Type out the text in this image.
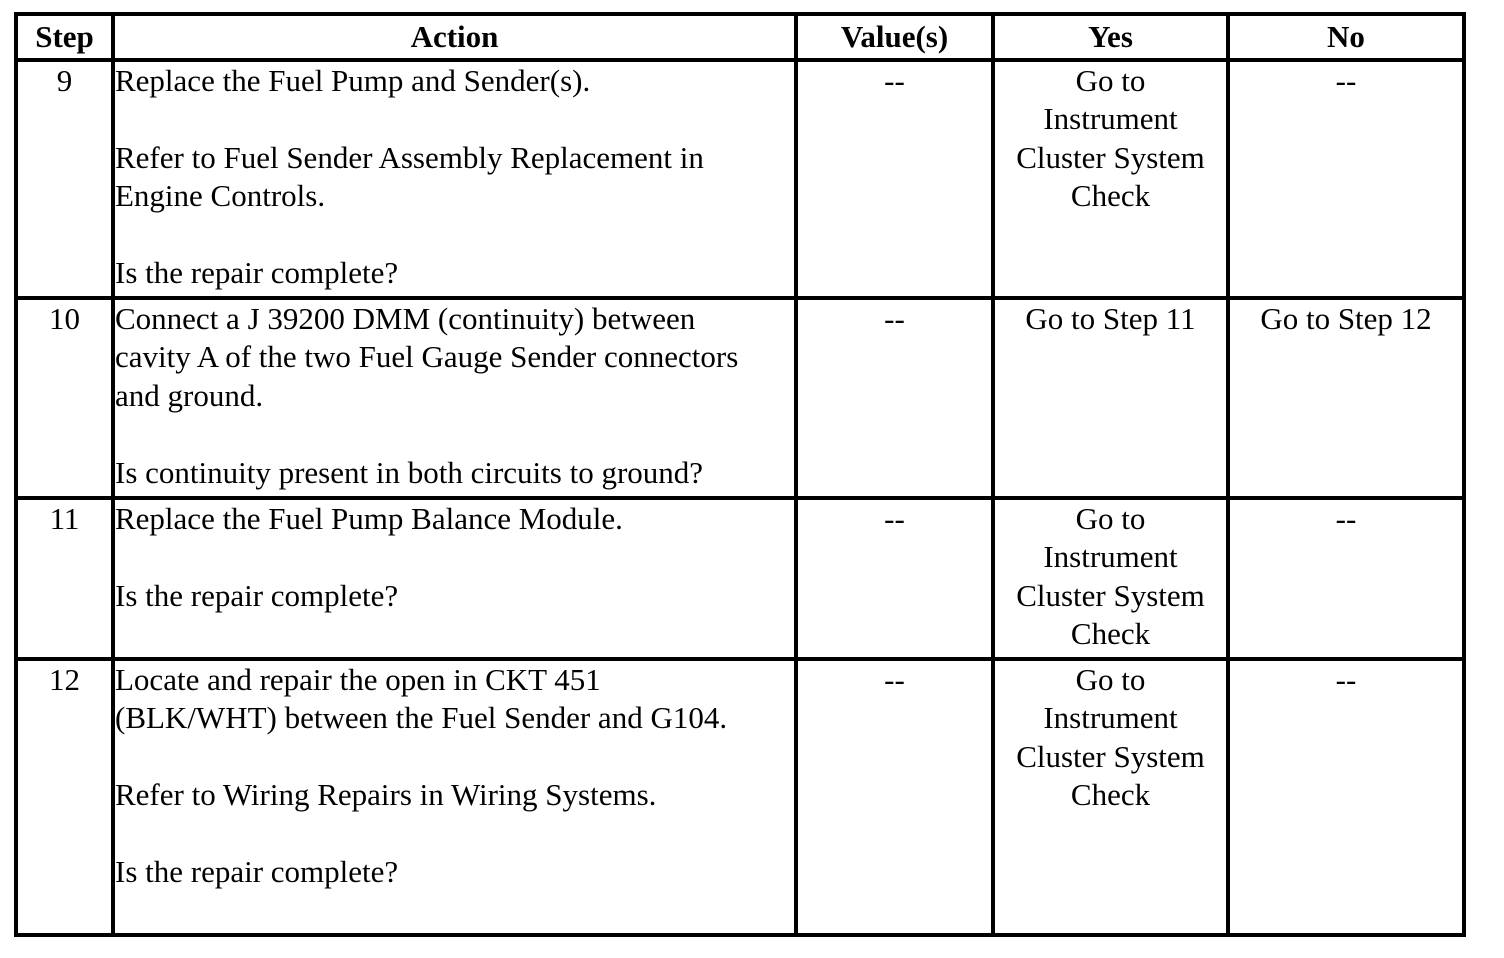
Step	Action	Value(s)	Yes	No
9	Replace the Fuel Pump and Sender(s).
Refer to Fuel Sender Assembly Replacement in Engine Controls.
Is the repair complete?	--	Go to Instrument Cluster System Check	--
10	Connect a J 39200 DMM (continuity) between cavity A of the two Fuel Gauge Sender connectors and ground.
Is continuity present in both circuits to ground?	--	Go to Step 11	Go to Step 12
11	Replace the Fuel Pump Balance Module.
Is the repair complete?	--	Go to Instrument Cluster System Check	--
12	Locate and repair the open in CKT 451 (BLK/WHT) between the Fuel Sender and G104.
Refer to Wiring Repairs in Wiring Systems.
Is the repair complete?	--	Go to Instrument Cluster System Check	--
